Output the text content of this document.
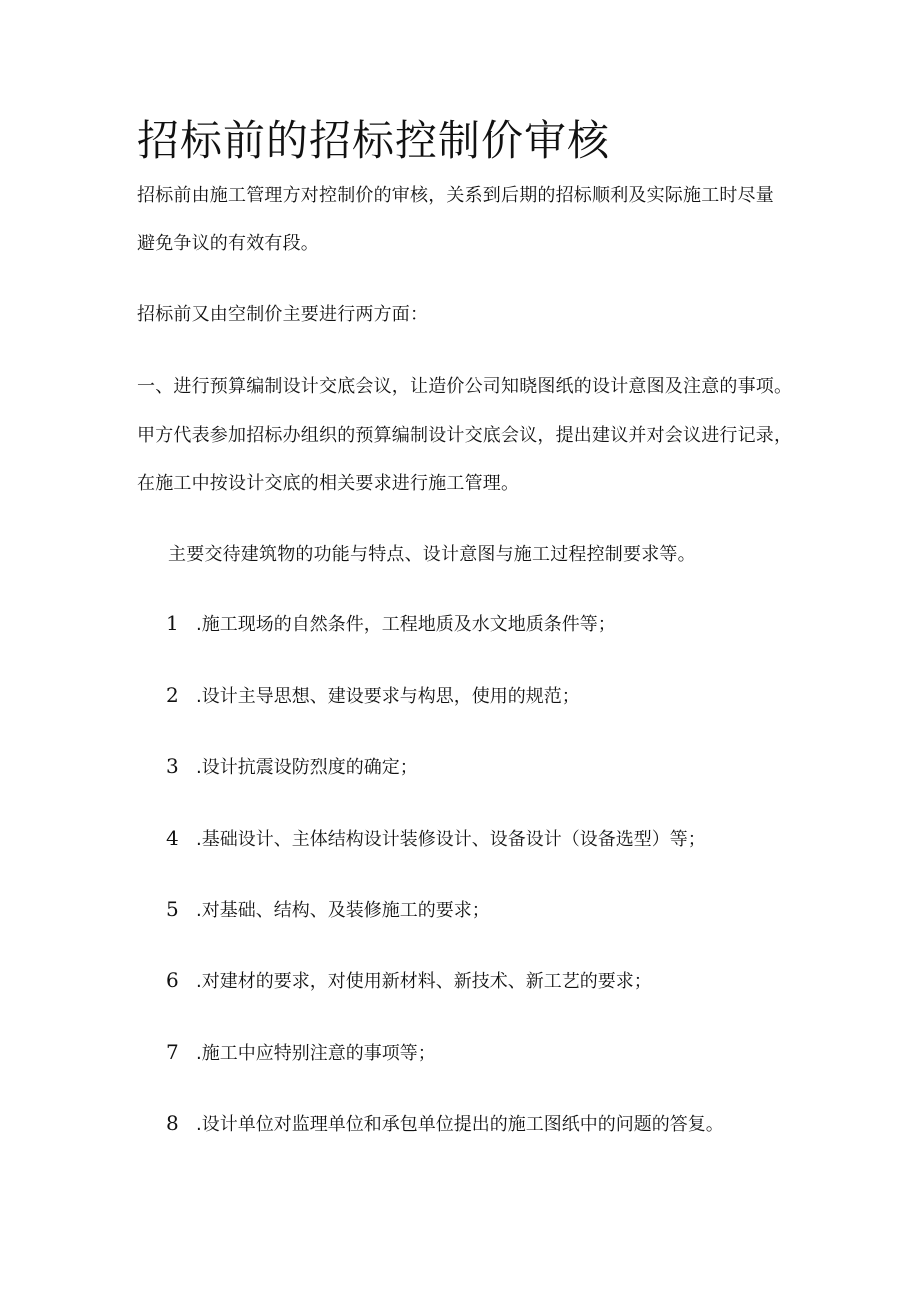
招标前的招标控制价审核
招标前由施工管理方对控制价的审核，关系到后期的招标顺利及实际施工时尽量
避免争议的有效有段。
招标前又由空制价主要进行两方面：
一、进行预算编制设计交底会议，让造价公司知晓图纸的设计意图及注意的事项。
甲方代表参加招标办组织的预算编制设计交底会议，提出建议并对会议进行记录，
在施工中按设计交底的相关要求进行施工管理。
主要交待建筑物的功能与特点、设计意图与施工过程控制要求等。
1 .施工现场的自然条件，工程地质及水文地质条件等；
2 .设计主导思想、建设要求与构思，使用的规范；
3 .设计抗震设防烈度的确定；
4 .基础设计、主体结构设计装修设计、设备设计（设备选型）等；
5 .对基础、结构、及装修施工的要求；
6 .对建材的要求，对使用新材料、新技术、新工艺的要求；
7 .施工中应特别注意的事项等；
8 .设计单位对监理单位和承包单位提出的施工图纸中的问题的答复。
